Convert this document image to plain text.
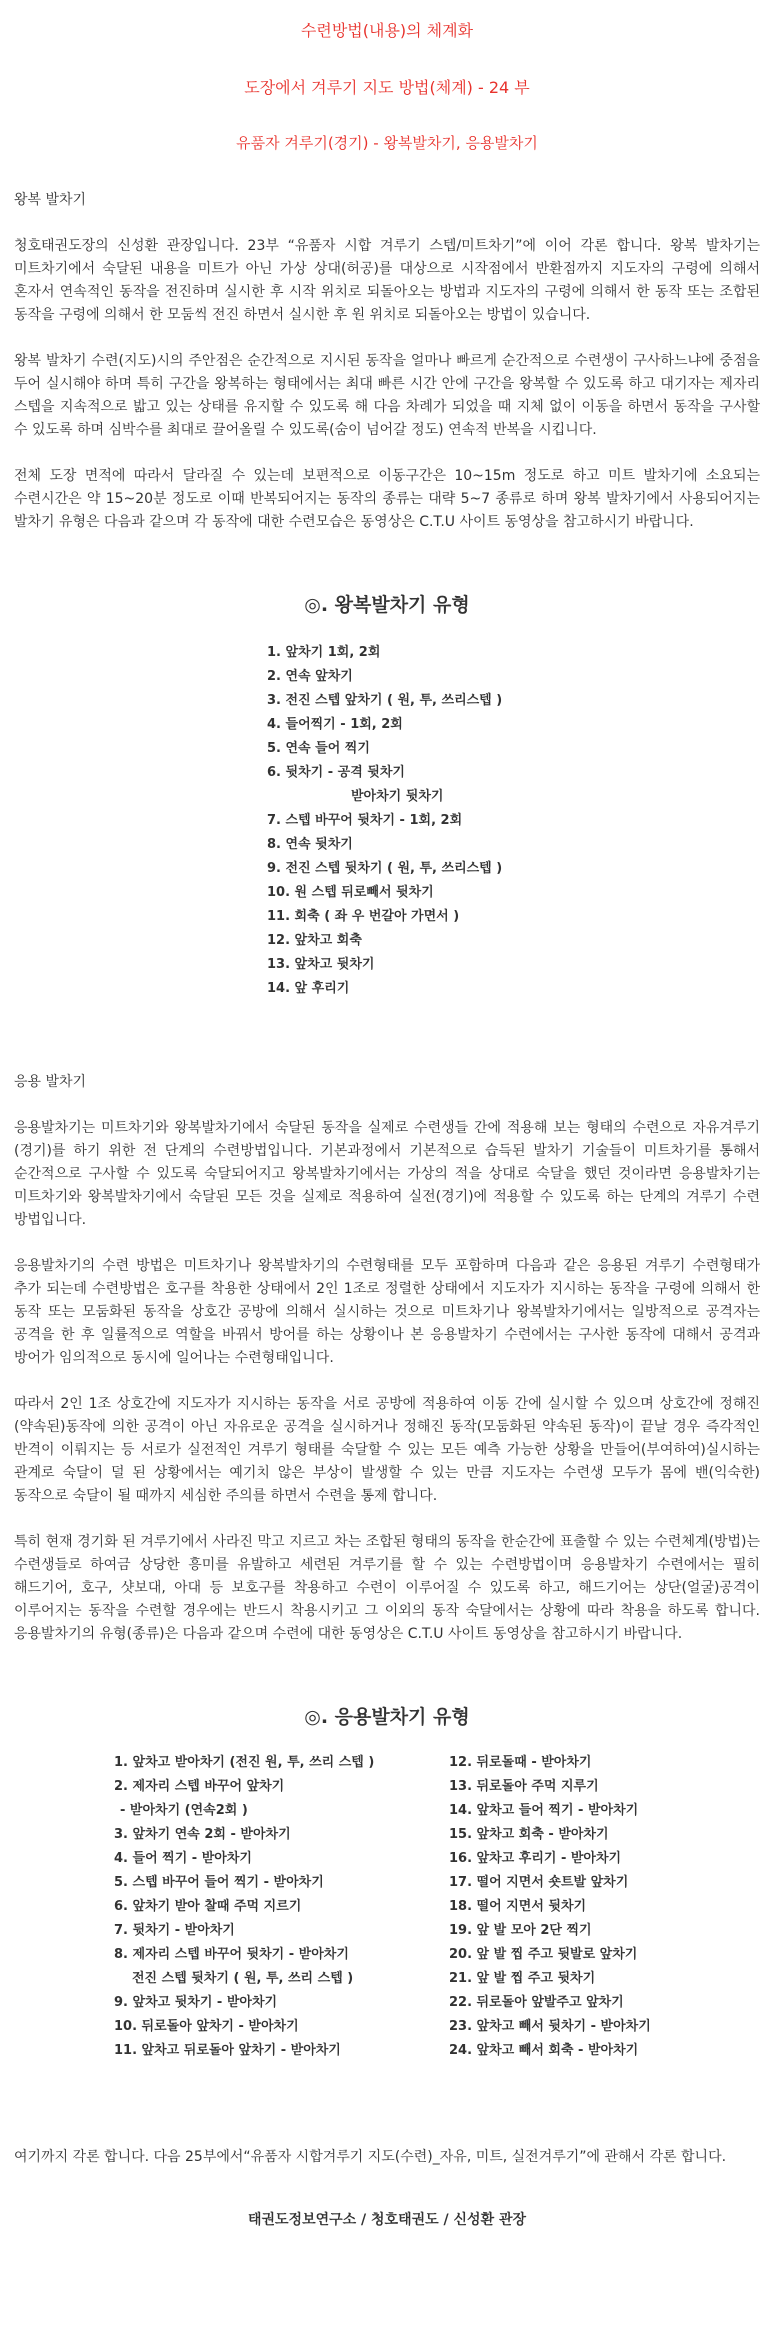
수련방법(내용)의 체계화

도장에서 겨루기 지도 방법(체계) - 24 부

유품자 겨루기(경기) - 왕복발차기, 응용발차기

왕복 발차기

청호태권도장의 신성환 관장입니다. 23부 “유품자 시합 겨루기 스텝/미트차기”에 이어 각론 합니다. 왕복 발차기는 미트차기에서 숙달된 내용을 미트가 아닌 가상 상대(허공)를 대상으로 시작점에서 반환점까지 지도자의 구령에 의해서 혼자서 연속적인 동작을 전진하며 실시한 후 시작 위치로 되돌아오는 방법과 지도자의 구령에 의해서 한 동작 또는 조합된 동작을 구령에 의해서 한 모둠씩 전진 하면서 실시한 후 원 위치로 되돌아오는 방법이 있습니다.

왕복 발차기 수련(지도)시의 주안점은 순간적으로 지시된 동작을 얼마나 빠르게 순간적으로 수련생이 구사하느냐에 중점을 두어 실시해야 하며 특히 구간을 왕복하는 형태에서는 최대 빠른 시간 안에 구간을 왕복할 수 있도록 하고 대기자는 제자리 스텝을 지속적으로 밟고 있는 상태를 유지할 수 있도록 해 다음 차례가 되었을 때 지체 없이 이동을 하면서 동작을 구사할 수 있도록 하며 심박수를 최대로 끌어올릴 수 있도록(숨이 넘어갈 정도) 연속적 반복을 시킵니다.

전체 도장 면적에 따라서 달라질 수 있는데 보편적으로 이동구간은 10~15m 정도로 하고 미트 발차기에 소요되는 수련시간은 약 15~20분 정도로 이때 반복되어지는 동작의 종류는 대략 5~7 종류로 하며 왕복 발차기에서 사용되어지는 발차기 유형은 다음과 같으며 각 동작에 대한 수련모습은 동영상은 C.T.U 사이트 동영상을 참고하시기 바랍니다.

◎. 왕복발차기 유형
1. 앞차기 1회, 2회
2. 연속 앞차기
3. 전진 스텝 앞차기 ( 원, 투, 쓰리스텝 )
4. 들어찍기 - 1회, 2회
5. 연속 들어 찍기
6. 뒷차기 - 공격 뒷차기
받아차기 뒷차기
7. 스텝 바꾸어 뒷차기 - 1회, 2회
8. 연속 뒷차기
9. 전진 스텝 뒷차기 ( 원, 투, 쓰리스텝 )
10. 원 스텝 뒤로빼서 뒷차기
11. 회축 ( 좌 우 번갈아 가면서 )
12. 앞차고 회축
13. 앞차고 뒷차기
14. 앞 후리기
응용 발차기

응용발차기는 미트차기와 왕복발차기에서 숙달된 동작을 실제로 수련생들 간에 적용해 보는 형태의 수련으로 자유겨루기(경기)를 하기 위한 전 단계의 수련방법입니다. 기본과정에서 기본적으로 습득된 발차기 기술들이 미트차기를 통해서 순간적으로 구사할 수 있도록 숙달되어지고 왕복발차기에서는 가상의 적을 상대로 숙달을 했던 것이라면 응용발차기는 미트차기와 왕복발차기에서 숙달된 모든 것을 실제로 적용하여 실전(경기)에 적용할 수 있도록 하는 단계의 겨루기 수련 방법입니다.

응용발차기의 수련 방법은 미트차기나 왕복발차기의 수련형태를 모두 포함하며 다음과 같은 응용된 겨루기 수련형태가 추가 되는데 수련방법은 호구를 착용한 상태에서 2인 1조로 정렬한 상태에서 지도자가 지시하는 동작을 구령에 의해서 한 동작 또는 모둠화된 동작을 상호간 공방에 의해서 실시하는 것으로 미트차기나 왕복발차기에서는 일방적으로 공격자는 공격을 한 후 일률적으로 역할을 바꿔서 방어를 하는 상황이나 본 응용발차기 수련에서는 구사한 동작에 대해서 공격과 방어가 임의적으로 동시에 일어나는 수련형태입니다.

따라서 2인 1조 상호간에 지도자가 지시하는 동작을 서로 공방에 적용하여 이동 간에 실시할 수 있으며 상호간에 정해진(약속된)동작에 의한 공격이 아닌 자유로운 공격을 실시하거나 정해진 동작(모둠화된 약속된 동작)이 끝날 경우 즉각적인 반격이 이뤄지는 등 서로가 실전적인 겨루기 형태를 숙달할 수 있는 모든 예측 가능한 상황을 만들어(부여하여)실시하는 관계로 숙달이 덜 된 상황에서는 예기치 않은 부상이 발생할 수 있는 만큼 지도자는 수련생 모두가 몸에 밴(익숙한) 동작으로 숙달이 될 때까지 세심한 주의를 하면서 수련을 통제 합니다.

특히 현재 경기화 된 겨루기에서 사라진 막고 지르고 차는 조합된 형태의 동작을 한순간에 표출할 수 있는 수련체계(방법)는 수련생들로 하여금 상당한 흥미를 유발하고 세련된 겨루기를 할 수 있는 수련방법이며 응용발차기 수련에서는 필히 해드기어, 호구, 샷보대, 아대 등 보호구를 착용하고 수련이 이루어질 수 있도록 하고, 해드기어는 상단(얼굴)공격이 이루어지는 동작을 수련할 경우에는 반드시 착용시키고 그 이외의 동작 숙달에서는 상황에 따라 착용을 하도록 합니다. 응용발차기의 유형(종류)은 다음과 같으며 수련에 대한 동영상은 C.T.U 사이트 동영상을 참고하시기 바랍니다.

◎. 응용발차기 유형
1. 앞차고 받아차기 (전진 원, 투, 쓰리 스텝 )
2. 제자리 스텝 바꾸어 앞차기
- 받아차기 (연속2회 )
3. 앞차기 연속 2회 - 받아차기
4. 들어 찍기 - 받아차기
5. 스텝 바꾸어 들어 찍기 - 받아차기
6. 앞차기 받아 찰때 주먹 지르기
7. 뒷차기 - 받아차기
8. 제자리 스텝 바꾸어 뒷차기 - 받아차기
전진 스텝 뒷차기 ( 원, 투, 쓰리 스텝 )
9. 앞차고 뒷차기 - 받아차기
10. 뒤로돌아 앞차기 - 받아차기
11. 앞차고 뒤로돌아 앞차기 - 받아차기
12. 뒤로돌때 - 받아차기
13. 뒤로돌아 주먹 지루기
14. 앞차고 들어 찍기 - 받아차기
15. 앞차고 회축 - 받아차기
16. 앞차고 후리기 - 받아차기
17. 떨어 지면서 숏트발 앞차기
18. 떨어 지면서 뒷차기
19. 앞 발 모아 2단 찍기
20. 앞 발 찝 주고 뒷발로 앞차기
21. 앞 발 찝 주고 뒷차기
22. 뒤로돌아 앞발주고 앞차기
23. 앞차고 빼서 뒷차기 - 받아차기
24. 앞차고 빼서 회축 - 받아차기

여기까지 각론 합니다. 다음 25부에서“유품자 시합겨루기 지도(수련)_자유, 미트, 실전겨루기”에 관해서 각론 합니다.

태권도정보연구소 / 청호태권도 / 신성환 관장
